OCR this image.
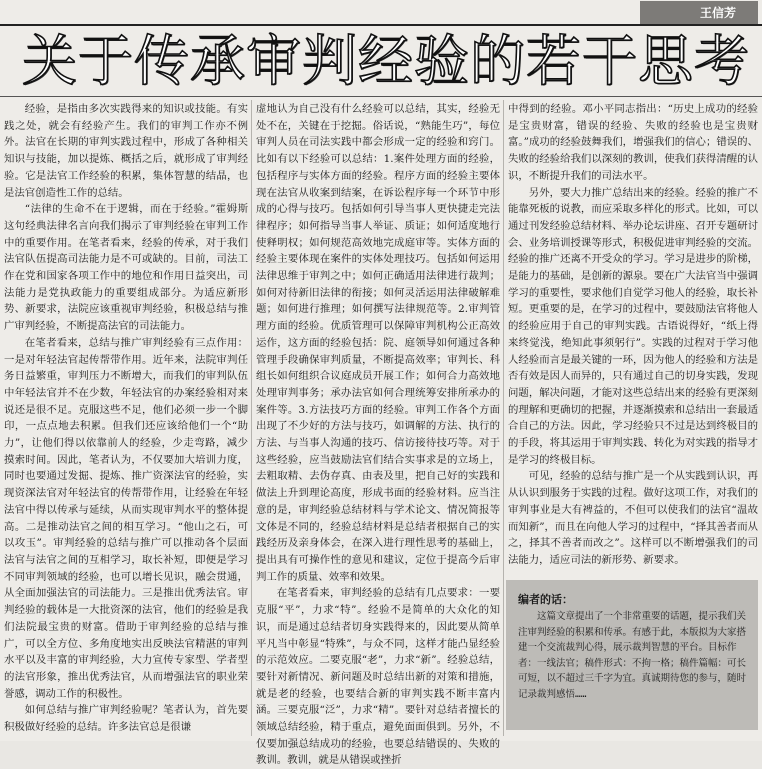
王信芳
关于传承审判经验的若干思考

经验，是指由多次实践得来的知识或技能。有实践之处，就会有经验产生。我们的审判工作亦不例外。法官在长期的审判实践过程中，形成了各种相关知识与技能，加以提炼、概括之后，就形成了审判经验。它是法官工作经验的积累，集体智慧的结晶，也是法官创造性工作的总结。

“法律的生命不在于逻辑，而在于经验。”霍姆斯这句经典法律名言向我们揭示了审判经验在审判工作中的重要作用。在笔者看来，经验的传承，对于我们法官队伍提高司法能力是不可或缺的。目前，司法工作在党和国家各项工作中的地位和作用日益突出，司法能力是党执政能力的重要组成部分。为适应新形势、新要求，法院应该重视审判经验，积极总结与推广审判经验，不断提高法官的司法能力。

在笔者看来，总结与推广审判经验有三点作用：一是对年轻法官起传帮带作用。近年来，法院审判任务日益繁重，审判压力不断增大，而我们的审判队伍中年轻法官并不在少数，年轻法官的办案经验相对来说还是很不足。克服这些不足，他们必须一步一个脚印，一点点地去积累。但我们还应该给他们一个“助力”，让他们得以依靠前人的经验，少走弯路，减少摸索时间。因此，笔者认为，不仅要加大培训力度，同时也要通过发掘、提炼、推广资深法官的经验，实现资深法官对年轻法官的传帮带作用，让经验在年轻法官中得以传承与延续，从而实现审判水平的整体提高。二是推动法官之间的相互学习。“他山之石，可以攻玉”。审判经验的总结与推广可以推动各个层面法官与法官之间的互相学习，取长补短，即便是学习不同审判领域的经验，也可以增长见识，融会贯通，从全面加强法官的司法能力。三是推出优秀法官。审判经验的载体是一大批资深的法官，他们的经验是我们法院最宝贵的财富。借助于审判经验的总结与推广，可以全方位、多角度地实出反映法官精湛的审判水平以及丰富的审判经验，大力宣传专家型、学者型的法官形象，推出优秀法官，从而增强法官的职业荣誉感，调动工作的积极性。

如何总结与推广审判经验呢？笔者认为，首先要积极做好经验的总结。许多法官总是很谦

虚地认为自己没有什么经验可以总结，其实，经验无处不在，关键在于挖掘。俗话说，“熟能生巧”，每位审判人员在司法实践中都会形成一定的经验和窍门。比如有以下经验可以总结：1.案件处理方面的经验，包括程序与实体方面的经验。程序方面的经验主要体现在法官从收案到结案，在诉讼程序每一个环节中形成的心得与技巧。包括如何引导当事人更快捷走完法律程序；如何指导当事人举证、质证；如何适度地行使释明权；如何规范高效地完成庭审等。实体方面的经验主要体现在案件的实体处理技巧。包括如何运用法律思维于审判之中；如何正确适用法律进行裁判；如何对待新旧法律的衔接；如何灵活运用法律破解难题；如何进行推理；如何撰写法律规范等。2.审判管理方面的经验。优质管理可以保障审判机构公正高效运作，这方面的经验包括：院、庭领导如何通过各种管理手段确保审判质量，不断提高效率；审判长、科组长如何组织合议庭成员开展工作；如何合力高效地处理审判事务；承办法官如何合理统筹安排所承办的案件等。3.方法技巧方面的经验。审判工作各个方面出现了不少好的方法与技巧，如调解的方法、执行的方法、与当事人沟通的技巧、信访接待技巧等。对于这些经验，应当鼓励法官们结合实事求是的立场上，去粗取精、去伪存真、由表及里，把自己好的实践和做法上升到理论高度，形成书面的经验材料。应当注意的是，审判经验总结材料与学术论文、情况简报等文体是不同的，经验总结材料是总结者根据自己的实践经历及亲身体会，在深入进行理性思考的基础上，提出具有可操作性的意见和建议，定位于提高今后审判工作的质量、效率和效果。

在笔者看来，审判经验的总结有几点要求：一要克服“平”，力求“特”。经验不是简单的大众化的知识，而是通过总结者切身实践得来的，因此要从简单平凡当中彰显“特殊”，与众不同，这样才能凸显经验的示范效应。二要克服“老”，力求“新”。经验总结，要针对新情况、新问题及时总结出新的对策和措施，就是老的经验，也要结合新的审判实践不断丰富内涵。三要克服“泛”，力求“精”。要针对总结者擅长的领域总结经验，精于重点，避免面面俱到。另外，不仅要加强总结成功的经验，也要总结错误的、失败的教训。教训，就是从错误或挫折

中得到的经验。邓小平同志指出：“历史上成功的经验是宝贵财富，错误的经验、失败的经验也是宝贵财富。”成功的经验鼓舞我们，增强我们的信心；错误的、失败的经验给我们以深刻的教训，使我们获得清醒的认识，不断提升我们的司法水平。

另外，要大力推广总结出来的经验。经验的推广不能靠死板的说教，而应采取多样化的形式。比如，可以通过刊发经验总结材料、举办论坛讲座、召开专题研讨会、业务培训授课等形式，积极促进审判经验的交流。经验的推广还离不开受众的学习。学习是进步的阶梯，是能力的基础，是创新的源泉。要在广大法官当中强调学习的重要性，要求他们自觉学习他人的经验，取长补短。更重要的是，在学习的过程中，要鼓励法官将他人的经验应用于自己的审判实践。古语说得好，“纸上得来终觉浅，绝知此事须躬行”。实践的过程对于学习他人经验而言是最关键的一环，因为他人的经验和方法是否有效是因人而异的，只有通过自己的切身实践，发现问题，解决问题，才能对这些总结出来的经验有更深刻的理解和更确切的把握，并逐渐摸索和总结出一套最适合自己的方法。因此，学习经验只不过是达到终极目的的手段，将其运用于审判实践、转化为对实践的指导才是学习的终极目标。

可见，经验的总结与推广是一个从实践到认识，再从认识到服务于实践的过程。做好这项工作，对我们的审判事业是大有裨益的，不但可以使我们的法官“温故而知新”，而且在向他人学习的过程中，“择其善者而从之，择其不善者而改之”。这样可以不断增强我们的司法能力，适应司法的新形势、新要求。

编者的话：

这篇文章提出了一个非常重要的话题，提示我们关注审判经验的积累和传承。有感于此，本版拟为大家搭建一个交流裁判心得，展示裁判智慧的平台。目标作者：一线法官；稿件形式：不拘一格；稿件篇幅：可长可短，以不超过三千字为宜。真诚期待您的参与，随时记录裁判感悟……
